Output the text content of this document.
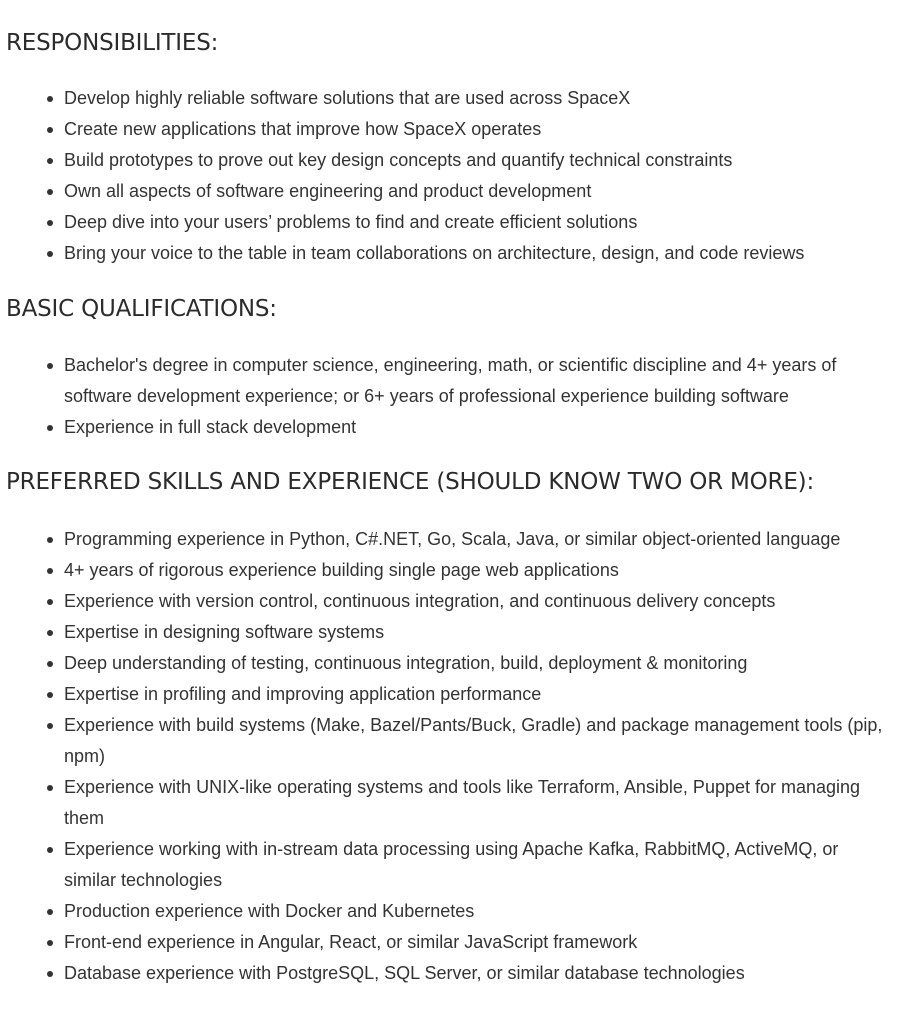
RESPONSIBILITIES:
Develop highly reliable software solutions that are used across SpaceX
Create new applications that improve how SpaceX operates
Build prototypes to prove out key design concepts and quantify technical constraints
Own all aspects of software engineering and product development
Deep dive into your users’ problems to find and create efficient solutions
Bring your voice to the table in team collaborations on architecture, design, and code reviews
BASIC QUALIFICATIONS:
Bachelor's degree in computer science, engineering, math, or scientific discipline and 4+ years of software development experience; or 6+ years of professional experience building software
Experience in full stack development
PREFERRED SKILLS AND EXPERIENCE (SHOULD KNOW TWO OR MORE):
Programming experience in Python, C#.NET, Go, Scala, Java, or similar object-oriented language
4+ years of rigorous experience building single page web applications
Experience with version control, continuous integration, and continuous delivery concepts
Expertise in designing software systems
Deep understanding of testing, continuous integration, build, deployment & monitoring
Expertise in profiling and improving application performance
Experience with build systems (Make, Bazel/Pants/Buck, Gradle) and package management tools (pip, npm)
Experience with UNIX-like operating systems and tools like Terraform, Ansible, Puppet for managing them
Experience working with in-stream data processing using Apache Kafka, RabbitMQ, ActiveMQ, or similar technologies
Production experience with Docker and Kubernetes
Front-end experience in Angular, React, or similar JavaScript framework
Database experience with PostgreSQL, SQL Server, or similar database technologies
